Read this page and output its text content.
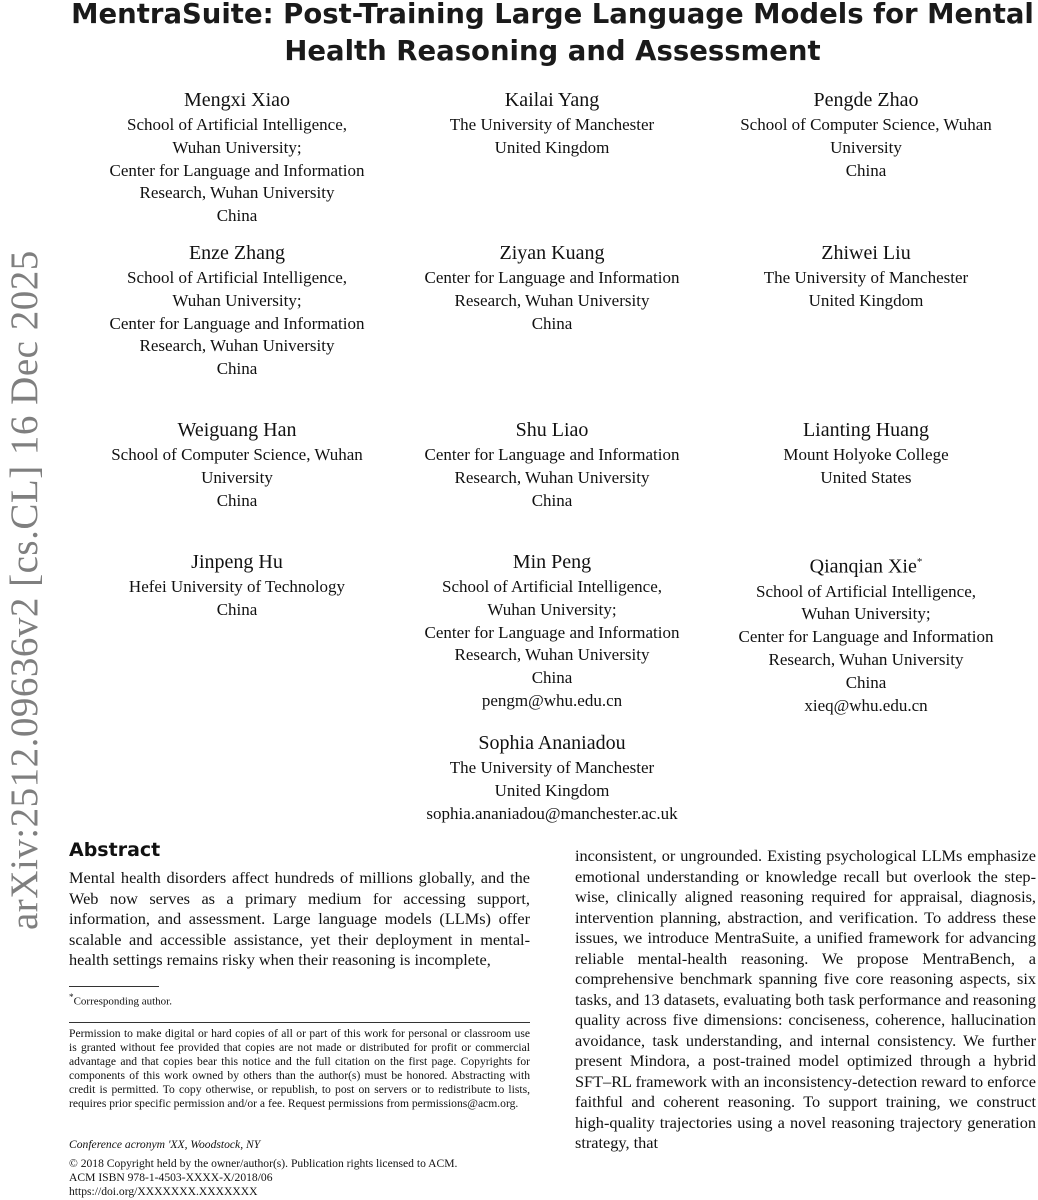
arXiv:2512.09636v2 [cs.CL] 16 Dec 2025
MentraSuite: Post-Training Large Language Models for Mental Health Reasoning and Assessment
Mengxi Xiao
School of Artificial Intelligence,
Wuhan University;
Center for Language and Information
Research, Wuhan University
China
Kailai Yang
The University of Manchester
United Kingdom
Pengde Zhao
School of Computer Science, Wuhan
University
China
Enze Zhang
School of Artificial Intelligence,
Wuhan University;
Center for Language and Information
Research, Wuhan University
China
Ziyan Kuang
Center for Language and Information
Research, Wuhan University
China
Zhiwei Liu
The University of Manchester
United Kingdom
Weiguang Han
School of Computer Science, Wuhan
University
China
Shu Liao
Center for Language and Information
Research, Wuhan University
China
Lianting Huang
Mount Holyoke College
United States
Jinpeng Hu
Hefei University of Technology
China
Min Peng
School of Artificial Intelligence,
Wuhan University;
Center for Language and Information
Research, Wuhan University
China
pengm@whu.edu.cn
Qianqian Xie*
School of Artificial Intelligence,
Wuhan University;
Center for Language and Information
Research, Wuhan University
China
xieq@whu.edu.cn
Sophia Ananiadou
The University of Manchester
United Kingdom
sophia.ananiadou@manchester.ac.uk
Abstract
Mental health disorders affect hundreds of millions globally, and the Web now serves as a primary medium for accessing support, information, and assessment. Large language models (LLMs) offer scalable and accessible assistance, yet their deployment in mental-health settings remains risky when their reasoning is incomplete,
inconsistent, or ungrounded. Existing psychological LLMs emphasize emotional understanding or knowledge recall but overlook the step-wise, clinically aligned reasoning required for appraisal, diagnosis, intervention planning, abstraction, and verification. To address these issues, we introduce MentraSuite, a unified framework for advancing reliable mental-health reasoning. We propose MentraBench, a comprehensive benchmark spanning five core reasoning aspects, six tasks, and 13 datasets, evaluating both task performance and reasoning quality across five dimensions: conciseness, coherence, hallucination avoidance, task understanding, and internal consistency. We further present Mindora, a post-trained model optimized through a hybrid SFT–RL framework with an inconsistency-detection reward to enforce faithful and coherent reasoning. To support training, we construct high-quality trajectories using a novel reasoning trajectory generation strategy, that
*Corresponding author.
Permission to make digital or hard copies of all or part of this work for personal or classroom use is granted without fee provided that copies are not made or distributed for profit or commercial advantage and that copies bear this notice and the full citation on the first page. Copyrights for components of this work owned by others than the author(s) must be honored. Abstracting with credit is permitted. To copy otherwise, or republish, to post on servers or to redistribute to lists, requires prior specific permission and/or a fee. Request permissions from permissions@acm.org.
Conference acronym 'XX, Woodstock, NY
© 2018 Copyright held by the owner/author(s). Publication rights licensed to ACM.
ACM ISBN 978-1-4503-XXXX-X/2018/06
https://doi.org/XXXXXXX.XXXXXXX
